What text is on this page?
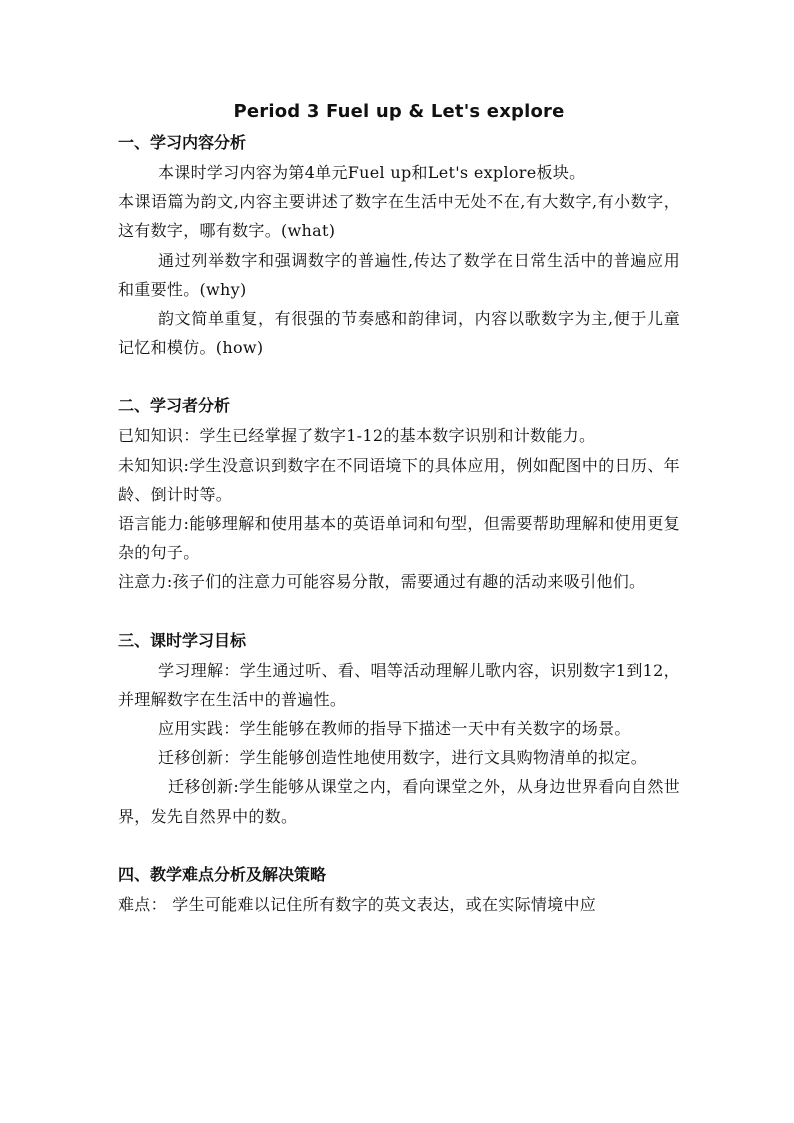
Period 3 Fuel up & Let's explore
一、学习内容分析

本课时学习内容为第4单元Fuel up和Let's explore板块。

本课语篇为韵文,内容主要讲述了数字在生活中无处不在,有大数字,有小数字，这有数字，哪有数字。(what)

通过列举数字和强调数字的普遍性,传达了数学在日常生活中的普遍应用和重要性。(why)

韵文简单重复，有很强的节奏感和韵律词，内容以歌数字为主,便于儿童记忆和模仿。(how)

二、学习者分析

已知知识：学生已经掌握了数字1-12的基本数字识别和计数能力。

未知知识:学生没意识到数字在不同语境下的具体应用，例如配图中的日历、年龄、倒计时等。

语言能力:能够理解和使用基本的英语单词和句型，但需要帮助理解和使用更复杂的句子。

注意力:孩子们的注意力可能容易分散，需要通过有趣的活动来吸引他们。

三、课时学习目标

学习理解：学生通过听、看、唱等活动理解儿歌内容，识别数字1到12，并理解数字在生活中的普遍性。

应用实践：学生能够在教师的指导下描述一天中有关数字的场景。

迁移创新：学生能够创造性地使用数字，进行文具购物清单的拟定。

迁移创新:学生能够从课堂之内，看向课堂之外，从身边世界看向自然世界，发先自然界中的数。

四、教学难点分析及解决策略

难点： 学生可能难以记住所有数字的英文表达，或在实际情境中应
